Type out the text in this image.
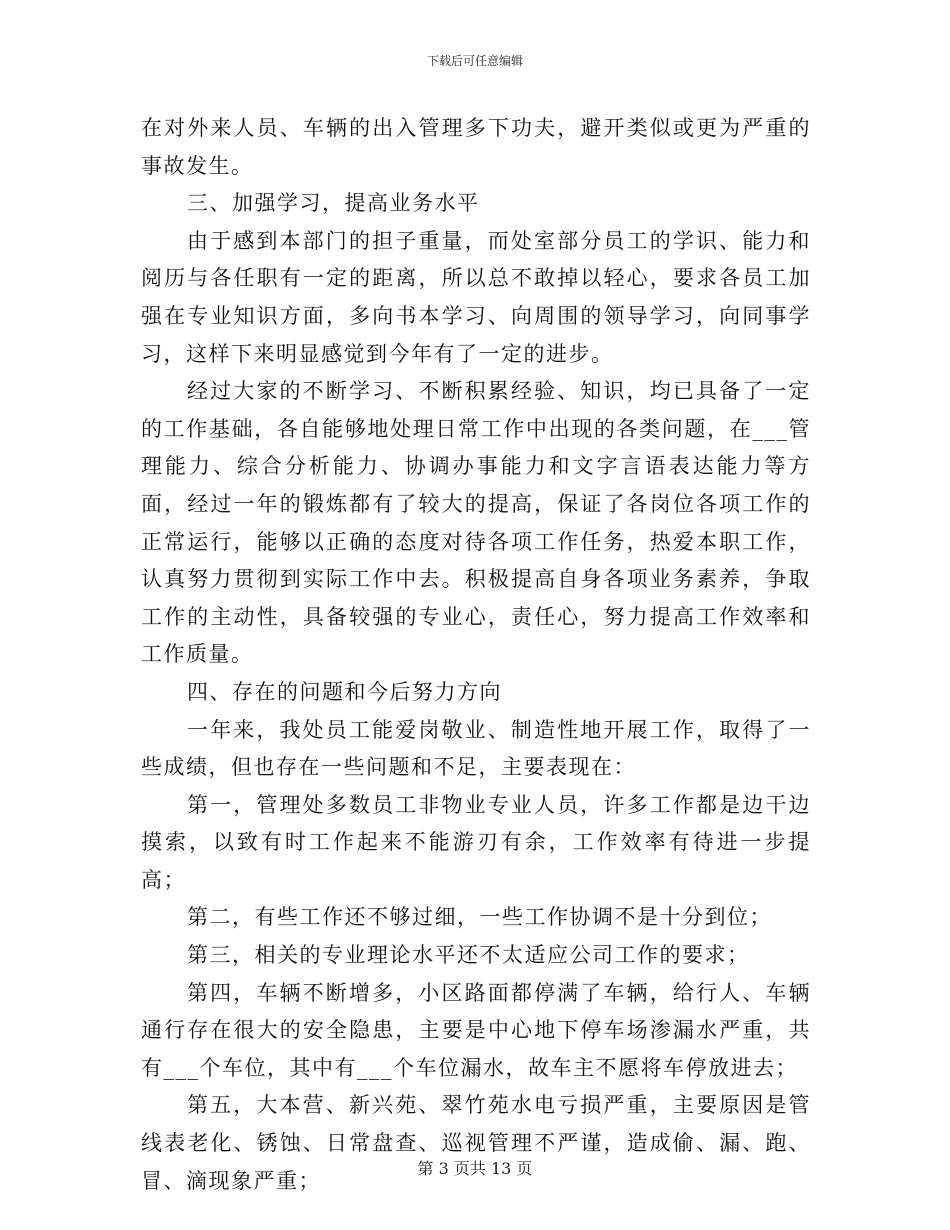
下载后可任意编辑

在对外来人员、车辆的出入管理多下功夫，避开类似或更为严重的事故发生。

三、加强学习，提高业务水平

由于感到本部门的担子重量，而处室部分员工的学识、能力和阅历与各任职有一定的距离，所以总不敢掉以轻心，要求各员工加强在专业知识方面，多向书本学习、向周围的领导学习，向同事学习，这样下来明显感觉到今年有了一定的进步。

经过大家的不断学习、不断积累经验、知识，均已具备了一定的工作基础，各自能够地处理日常工作中出现的各类问题，在___管理能力、综合分析能力、协调办事能力和文字言语表达能力等方面，经过一年的锻炼都有了较大的提高，保证了各岗位各项工作的正常运行，能够以正确的态度对待各项工作任务，热爱本职工作，认真努力贯彻到实际工作中去。积极提高自身各项业务素养，争取工作的主动性，具备较强的专业心，责任心，努力提高工作效率和工作质量。

四、存在的问题和今后努力方向

一年来，我处员工能爱岗敬业、制造性地开展工作，取得了一些成绩，但也存在一些问题和不足，主要表现在：

第一，管理处多数员工非物业专业人员，许多工作都是边干边摸索，以致有时工作起来不能游刃有余，工作效率有待进一步提高；

第二，有些工作还不够过细，一些工作协调不是十分到位；

第三，相关的专业理论水平还不太适应公司工作的要求；

第四，车辆不断增多，小区路面都停满了车辆，给行人、车辆通行存在很大的安全隐患，主要是中心地下停车场渗漏水严重，共有___个车位，其中有___个车位漏水，故车主不愿将车停放进去；

第五，大本营、新兴苑、翠竹苑水电亏损严重，主要原因是管线表老化、锈蚀、日常盘查、巡视管理不严谨，造成偷、漏、跑、冒、滴现象严重；

第 3 页共 13 页
